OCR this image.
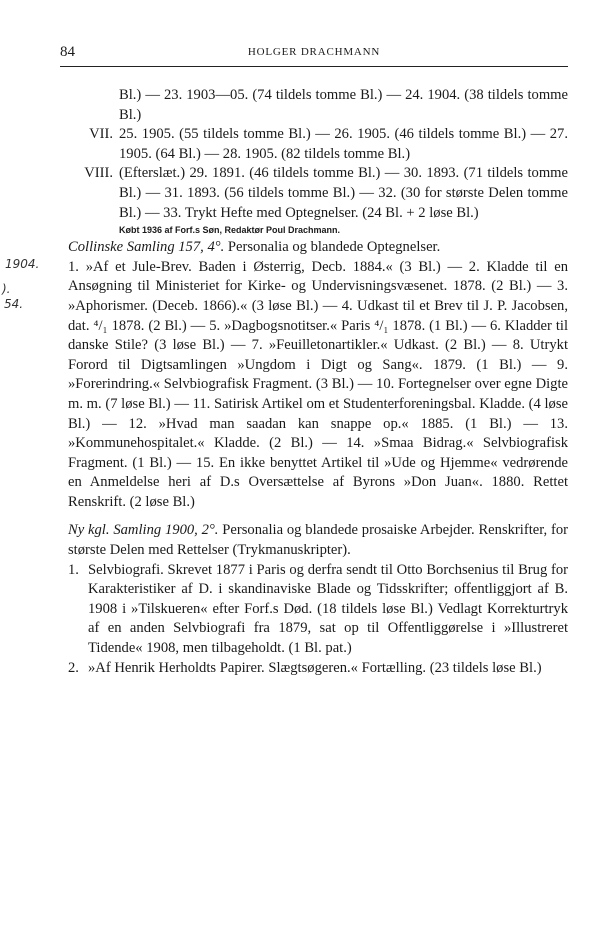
84	HOLGER DRACHMANN
1904.
).
54.

Bl.) — 23. 1903—05. (74 tildels tomme Bl.) — 24. 1904. (38 tildels tomme Bl.)

VII. 25. 1905. (55 tildels tomme Bl.) — 26. 1905. (46 tildels tomme Bl.) — 27. 1905. (64 Bl.) — 28. 1905. (82 tildels tomme Bl.)

VIII. (Efterslæt.) 29. 1891. (46 tildels tomme Bl.) — 30. 1893. (71 tildels tomme Bl.) — 31. 1893. (56 tildels tomme Bl.) — 32. (30 for største Delen tomme Bl.) — 33. Trykt Hefte med Optegnelser. (24 Bl. + 2 løse Bl.)

Købt 1936 af Forf.s Søn, Redaktør Poul Drachmann.

Collinske Samling 157, 4°. Personalia og blandede Optegnelser.

1. »Af et Jule-Brev. Baden i Østerrig, Decb. 1884.« (3 Bl.) — 2. Kladde til en Ansøgning til Ministeriet for Kirke- og Undervisningsvæsenet. 1878. (2 Bl.) — 3. »Aphorismer. (Deceb. 1866).« (3 løse Bl.) — 4. Udkast til et Brev til J. P. Jacobsen, dat. ⁴/₁ 1878. (2 Bl.) — 5. »Dagbogsnotitser.« Paris ⁴/₁ 1878. (1 Bl.) — 6. Kladder til danske Stile? (3 løse Bl.) — 7. »Feuilletonartikler.« Udkast. (2 Bl.) — 8. Utrykt Forord til Digtsamlingen »Ungdom i Digt og Sang«. 1879. (1 Bl.) — 9. »Forerindring.« Selvbiografisk Fragment. (3 Bl.) — 10. Fortegnelser over egne Digte m. m. (7 løse Bl.) — 11. Satirisk Artikel om et Studenterforeningsbal. Kladde. (4 løse Bl.) — 12. »Hvad man saadan kan snappe op.« 1885. (1 Bl.) — 13. »Kommunehospitalet.« Kladde. (2 Bl.) — 14. »Smaa Bidrag.« Selvbiografisk Fragment. (1 Bl.) — 15. En ikke benyttet Artikel til »Ude og Hjemme« vedrørende en Anmeldelse heri af D.s Oversættelse af Byrons »Don Juan«. 1880. Rettet Renskrift. (2 løse Bl.)

Ny kgl. Samling 1900, 2°. Personalia og blandede prosaiske Arbejder. Renskrifter, for største Delen med Rettelser (Trykmanuskripter).

1. Selvbiografi. Skrevet 1877 i Paris og derfra sendt til Otto Borchsenius til Brug for Karakteristiker af D. i skandinaviske Blade og Tidsskrifter; offentliggjort af B. 1908 i »Tilskueren« efter Forf.s Død. (18 tildels løse Bl.) Vedlagt Korrekturtryk af en anden Selvbiografi fra 1879, sat op til Offentliggørelse i »Illustreret Tidende« 1908, men tilbageholdt. (1 Bl. pat.)

2. »Af Henrik Herholdts Papirer. Slægtsøgeren.« Fortælling. (23 tildels løse Bl.)
